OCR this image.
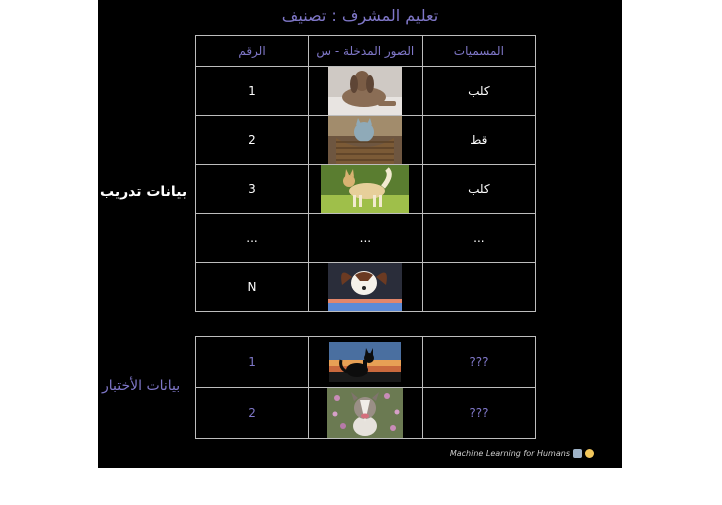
تعليم المشرف : تصنيف
بيانات تدريب
بيانات الأختبار
الرقم	الصور المدخلة - س	المسميات
1		كلب
2		قط
3		كلب
...	...	...
N	

1		???
2		???
Machine Learning for Humans
